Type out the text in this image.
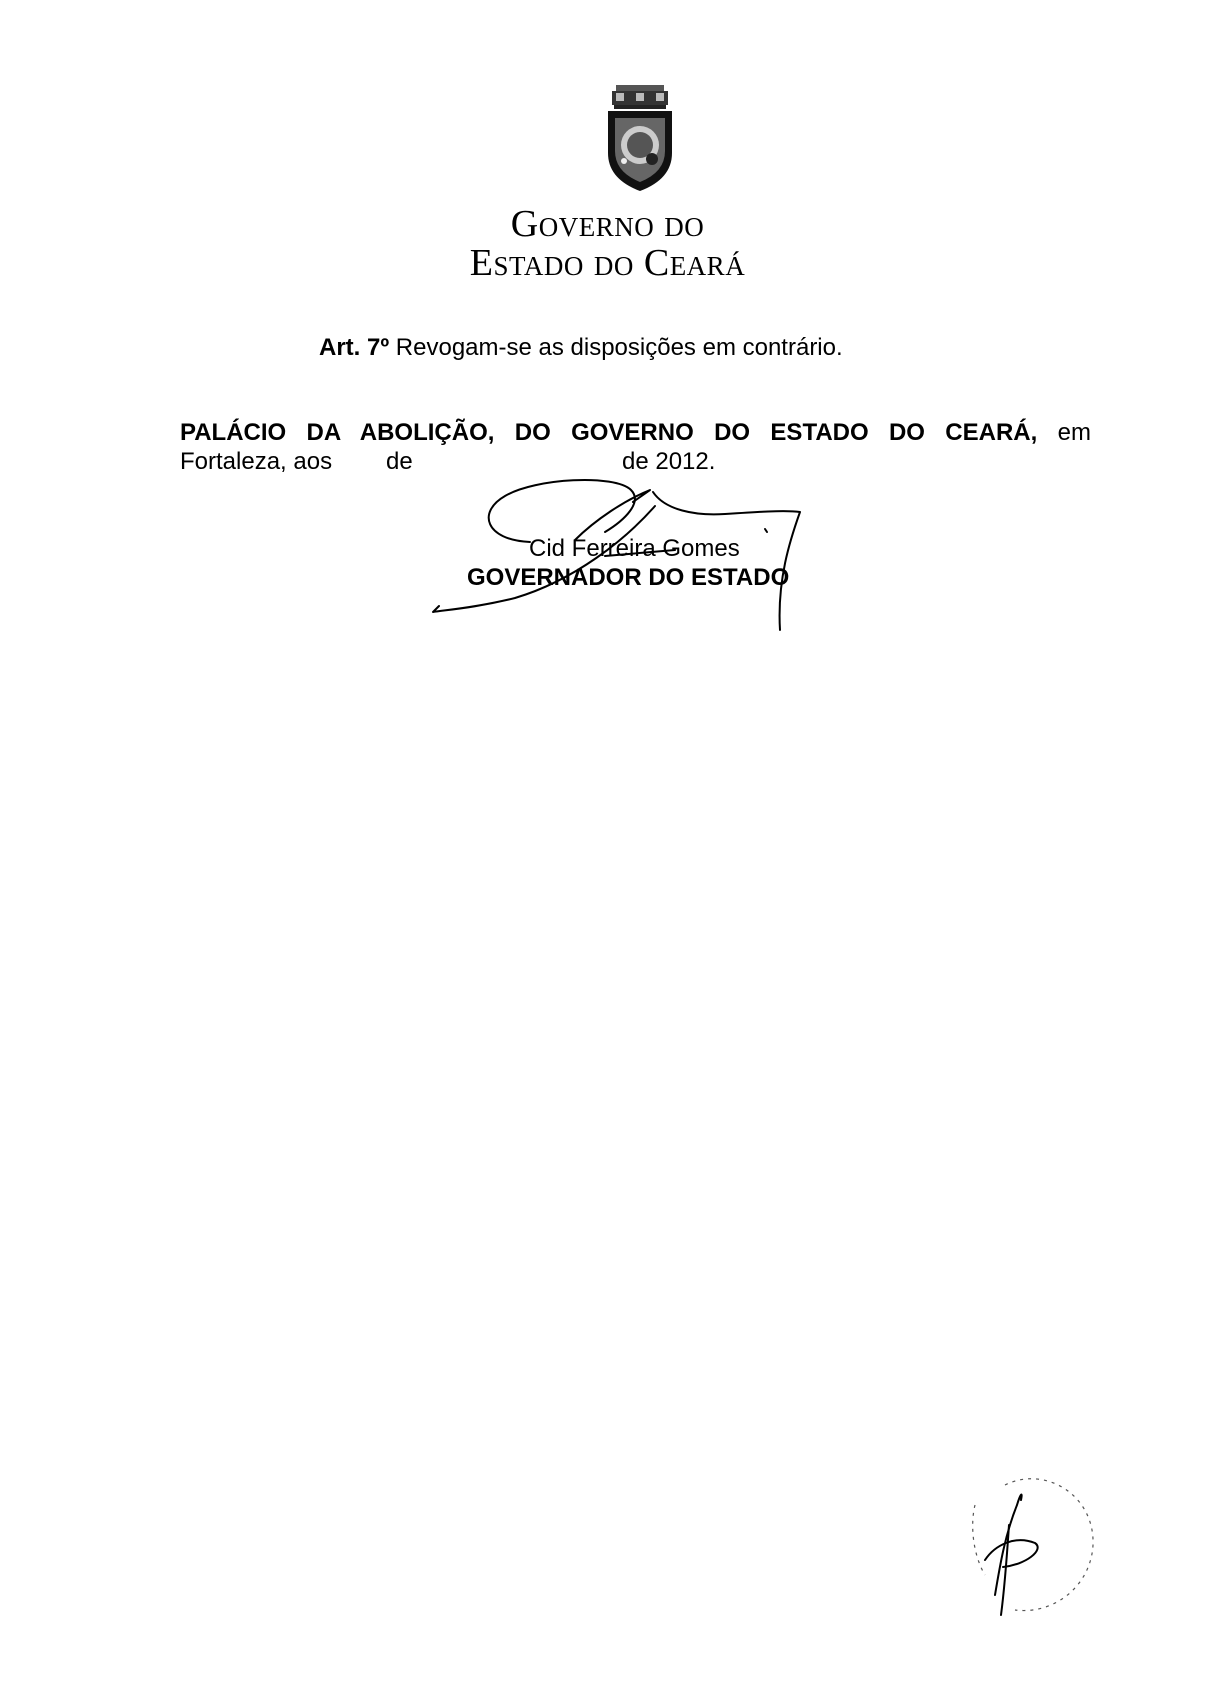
Governo do
Estado do Ceará
Art. 7º Revogam-se as disposições em contrário.
PALÁCIO DA ABOLIÇÃO, DO GOVERNO DO ESTADO DO CEARÁ, em
Fortaleza, aos de	de 2012.
Cid Ferreira Gomes
GOVERNADOR DO ESTADO
